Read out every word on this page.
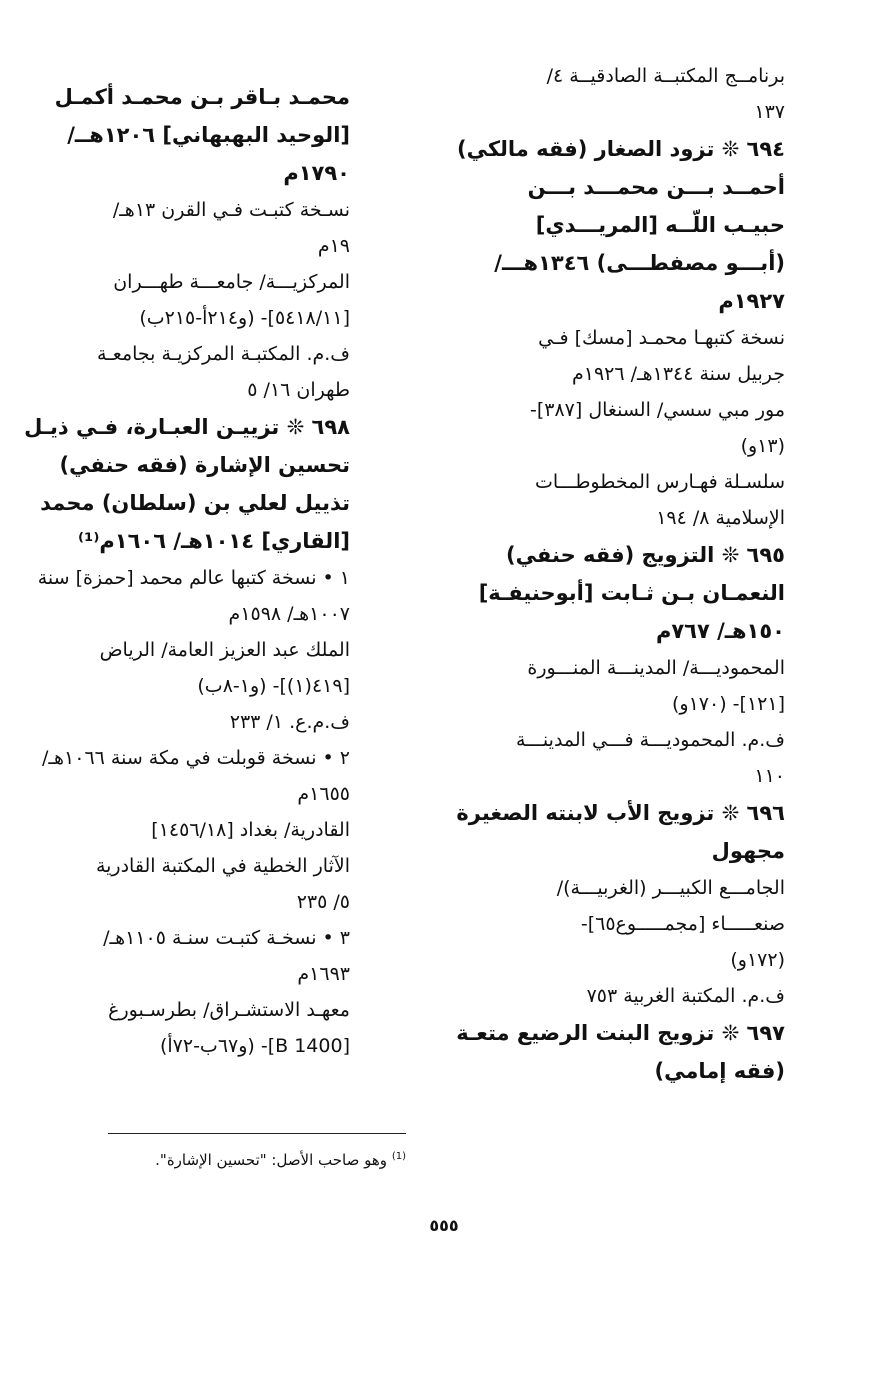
برنامــج المكتبــة الصادقيــة ٤/
١٣٧
٦٩٤ ❊ تزود الصغار (فقه مالكي)
أحمــد بـــن محمـــد بـــن
حبيـب اللّــه [المريـــدي]
(أبـــو مصفطـــى) ١٣٤٦هـــ/
١٩٢٧م
نسخة كتبهـا محمـد [مسك] فـي
جربيل سنة ١٣٤٤هـ/ ١٩٢٦م
مور مبي سسي/ السنغال [٣٨٧]-
(١٣و)
سلسـلة فهـارس المخطوطـــات
الإسلامية ٨/ ١٩٤
٦٩٥ ❊ التزويج (فقه حنفي)
النعمـان بـن ثـابت [أبوحنيفـة]
١٥٠هـ/ ٧٦٧م
المحموديـــة/ المدينـــة المنـــورة
[١٢١]- (١٧٠و)
ف.م. المحموديـــة فـــي المدينـــة
١١٠
٦٩٦ ❊ تزويج الأب لابنته الصغيرة
مجهول
الجامـــع الكبيـــر (الغربيـــة)/
صنعـــــاء [مجمـــــوع٦٥]-
(١٧٢و)
ف.م. المكتبة الغربية ٧٥٣
٦٩٧ ❊ تزويج البنت الرضيع متعـة
(فقه إمامي)
محمـد بـاقر بـن محمـد أكمـل
[الوحيد البهبهاني] ١٢٠٦هــ/
١٧٩٠م
نسـخة كتبـت فـي القرن ١٣هـ/
١٩م
المركزيـــة/ جامعـــة طهـــران
[٥٤١٨/١١]- (و٢١٤أ-٢١٥ب)
ف.م. المكتبـة المركزيـة بجامعـة
طهران ١٦/ ٥
٦٩٨ ❊ تزييـن العبـارة، فـي ذيـل
تحسين الإشارة (فقه حنفي)
تذييل لعلي بن (سلطان) محمد
[القاري] ١٠١٤هـ/ ١٦٠٦م⁽¹⁾
١ • نسخة كتبها عالم محمد [حمزة] سنة
١٠٠٧هـ/ ١٥٩٨م
الملك عبد العزيز العامة/ الرياض
[٤١٩(١)]- (و١-٨ب)
ف.م.ع. ١/ ٢٣٣
٢ • نسخة قوبلت في مكة سنة ١٠٦٦هـ/
١٦٥٥م
القادرية/ بغداد [١٤٥٦/١٨]
الآثار الخطية في المكتبة القادرية
٥/ ٢٣٥
٣ • نسخـة كتبـت سنـة ١١٠٥هـ/
١٦٩٣م
معهـد الاستشـراق/ بطرسـبورغ
[B 1400]- (و٦٧ب-٧٢أ)
$^{(1)}$ وهو صاحب الأصل: "تحسين الإشارة".
٥٥٥
